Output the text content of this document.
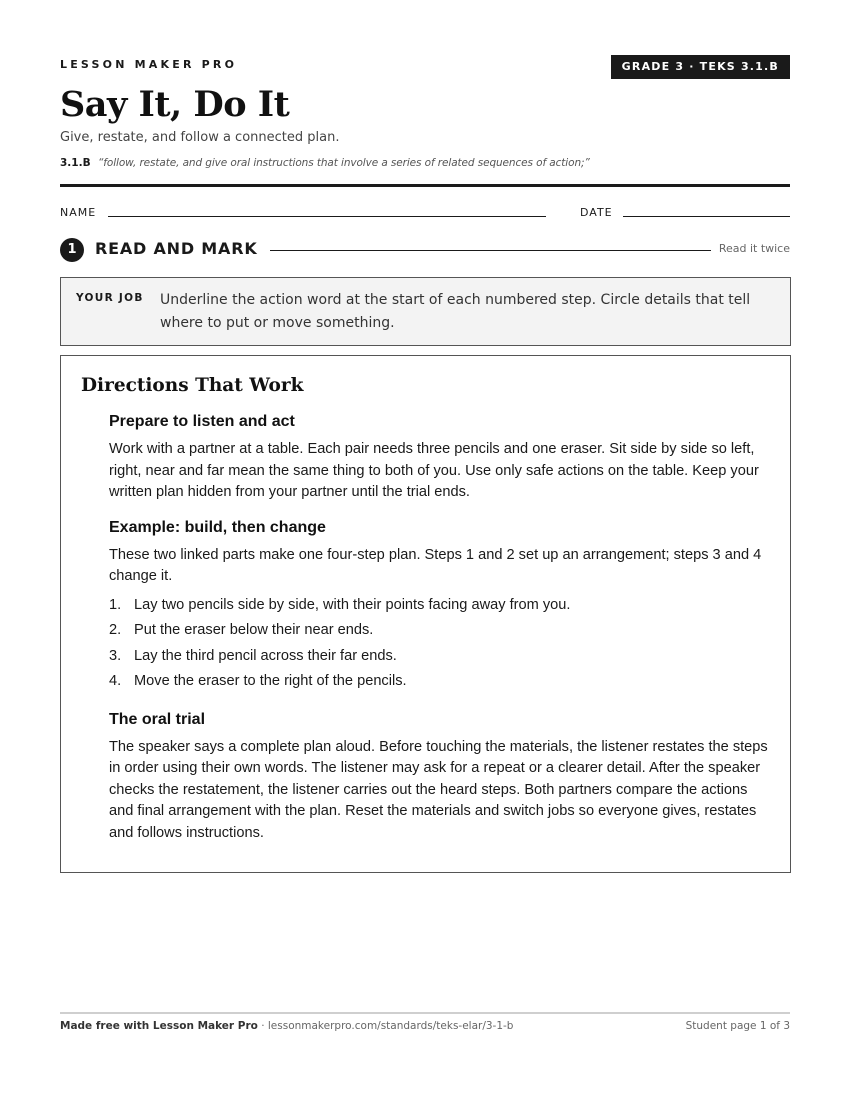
LESSON MAKER PRO	GRADE 3 · TEKS 3.1.B
Say It, Do It
Give, restate, and follow a connected plan.
3.1.B “follow, restate, and give oral instructions that involve a series of related sequences of action;”
NAME	DATE
1	READ AND MARK	Read it twice
YOUR JOB Underline the action word at the start of each numbered step. Circle details that tell where to put or move something.
Directions That Work
Prepare to listen and act

Work with a partner at a table. Each pair needs three pencils and one eraser. Sit side by side so left, right, near and far mean the same thing to both of you. Use only safe actions on the table. Keep your written plan hidden from your partner until the trial ends.

Example: build, then change

These two linked parts make one four-step plan. Steps 1 and 2 set up an arrangement; steps 3 and 4 change it.

1. Lay two pencils side by side, with their points facing away from you.
2. Put the eraser below their near ends.
3. Lay the third pencil across their far ends.
4. Move the eraser to the right of the pencils.
The oral trial

The speaker says a complete plan aloud. Before touching the materials, the listener restates the steps in order using their own words. The listener may ask for a repeat or a clearer detail. After the speaker checks the restatement, the listener carries out the heard steps. Both partners compare the actions and final arrangement with the plan. Reset the materials and switch jobs so everyone gives, restates and follows instructions.

Made free with Lesson Maker Pro · lessonmakerpro.com/standards/teks-elar/3-1-b	Student page 1 of 3
